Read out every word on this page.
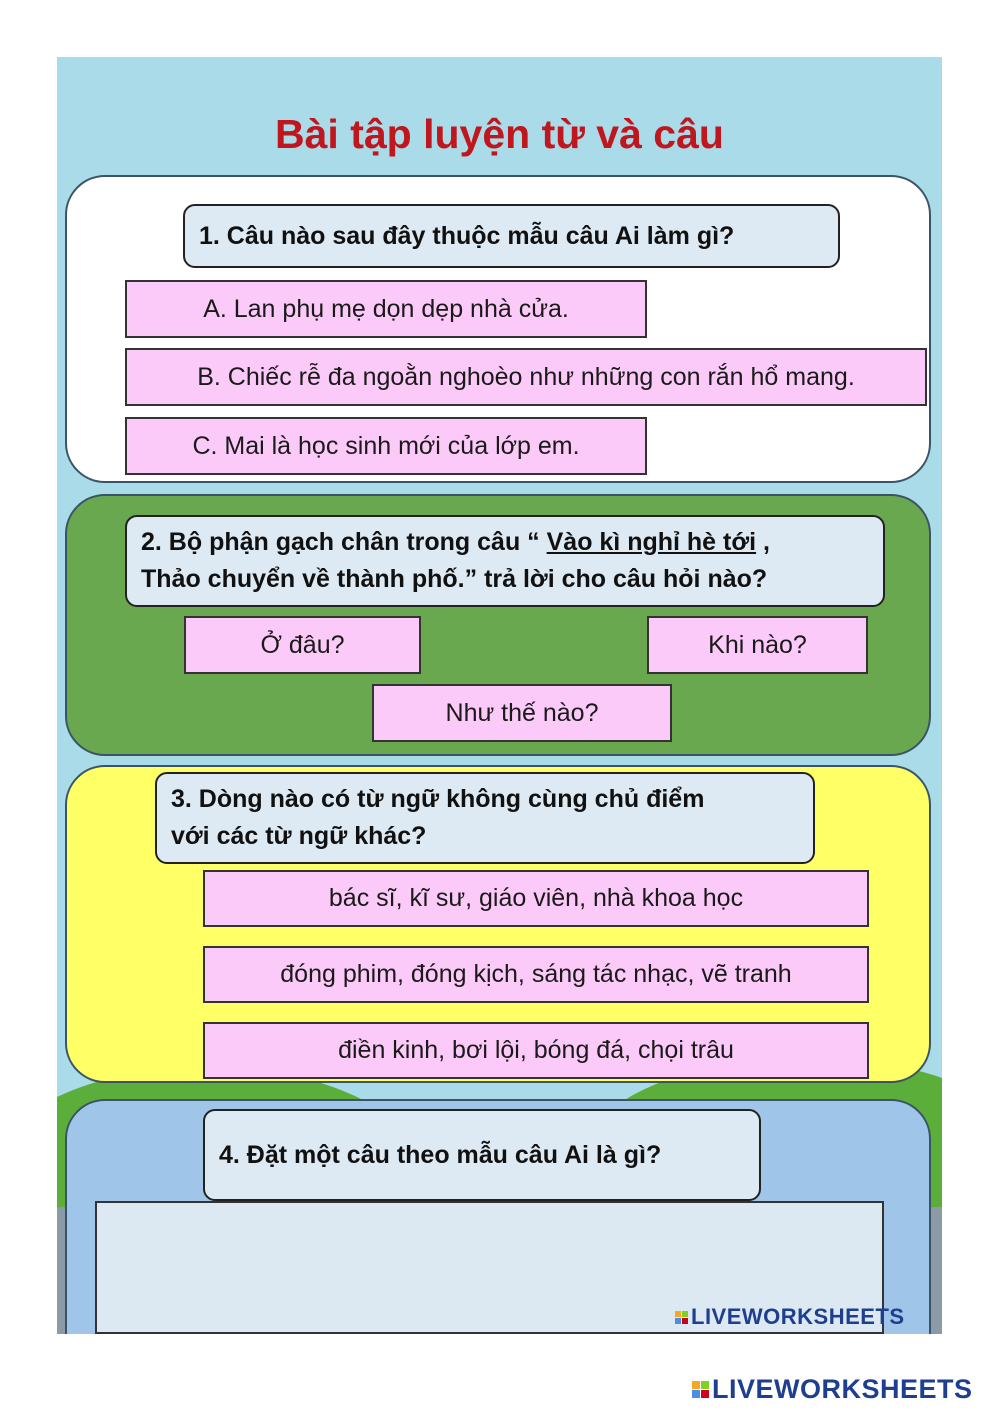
Bài tập luyện từ và câu
1. Câu nào sau đây thuộc mẫu câu Ai làm gì?
A. Lan phụ mẹ dọn dẹp nhà cửa.
B. Chiếc rễ đa ngoằn nghoèo như những con rắn hổ mang.
C. Mai là học sinh mới của lớp em.
2. Bộ phận gạch chân trong câu “ Vào kì nghỉ hè tới ,
Thảo chuyển về thành phố.” trả lời cho câu hỏi nào?
Ở đâu?	Khi nào?
Như thế nào?
3. Dòng nào có từ ngữ không cùng chủ điểm
với các từ ngữ khác?
bác sĩ, kĩ sư, giáo viên, nhà khoa học
đóng phim, đóng kịch, sáng tác nhạc, vẽ tranh
điền kinh, bơi lội, bóng đá, chọi trâu
4. Đặt một câu theo mẫu câu Ai là gì?
LIVEWORKSHEETS
LIVEWORKSHEETS
